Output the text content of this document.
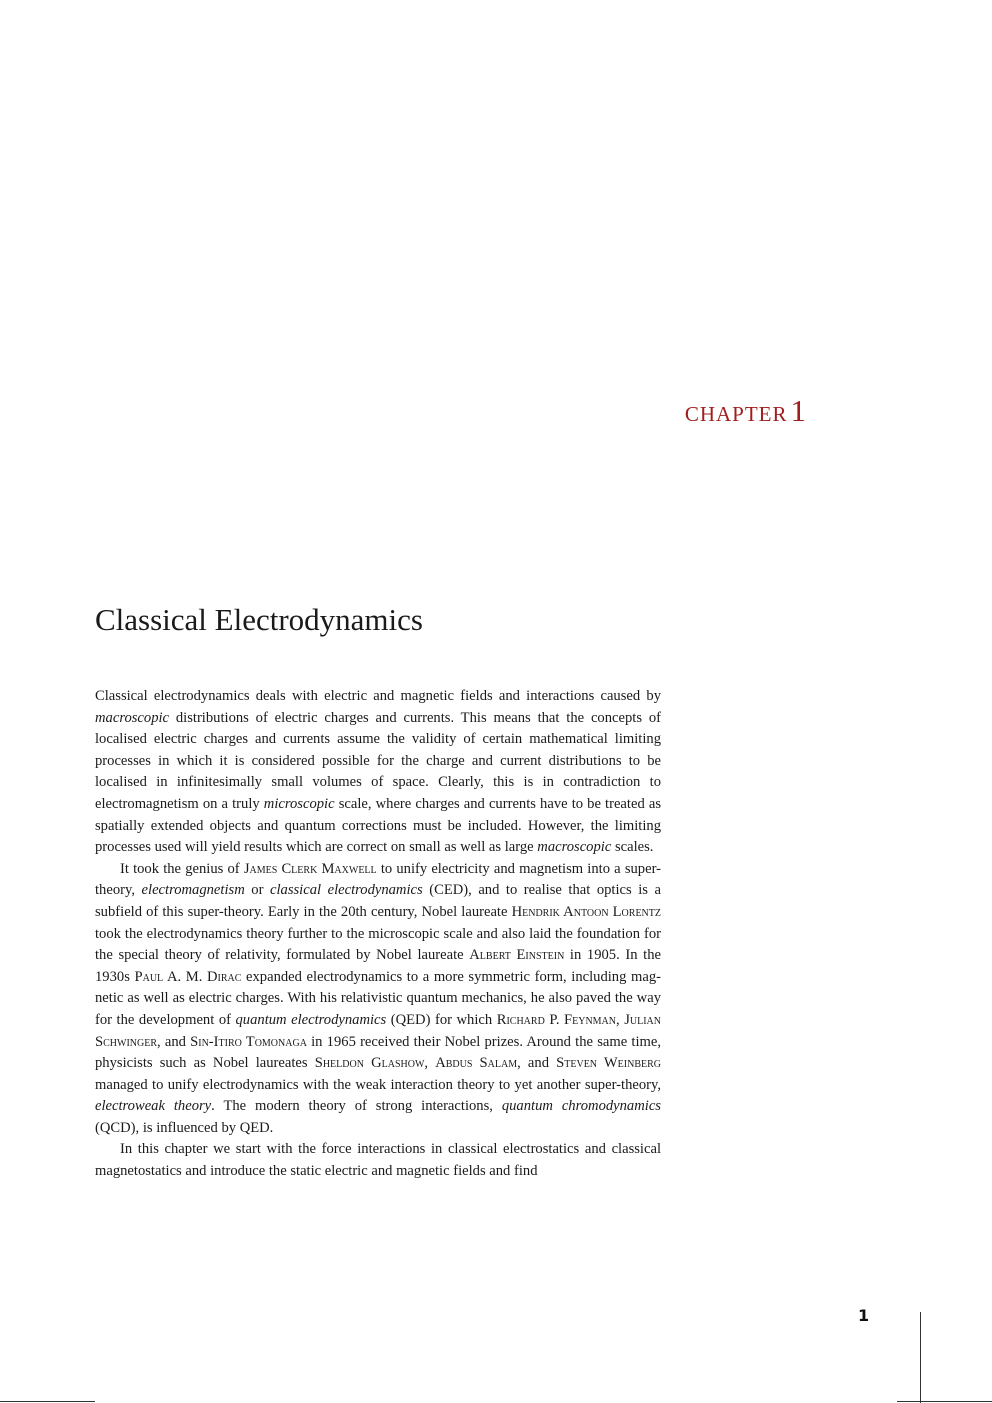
CHAPTER1
Classical Electrodynamics

Classical electrodynamics deals with electric and magnetic fields and interactions caused by macroscopic distributions of electric charges and currents. This means that the concepts of localised electric charges and currents assume the validity of certain mathematical limiting processes in which it is considered possible for the charge and current distributions to be localised in infinitesimally small volumes of space. Clearly, this is in contradiction to electromagnetism on a truly microscopic scale, where charges and currents have to be treated as spatially extended objects and quantum corrections must be included. However, the limiting processes used will yield results which are correct on small as well as large macroscopic scales.

It took the genius of James Clerk Maxwell to unify electricity and magnetism into a super-theory, electromagnetism or classical electrodynamics (CED), and to realise that optics is a subfield of this super-theory. Early in the 20th century, Nobel laureate Hendrik Antoon Lorentz took the electrodynamics theory further to the microscopic scale and also laid the foundation for the special theory of relativity, formulated by Nobel laureate Albert Einstein in 1905. In the 1930s Paul A. M. Dirac expanded electrodynamics to a more symmetric form, including magnetic as well as electric charges. With his relativistic quantum mechanics, he also paved the way for the development of quantum electrodynamics (QED) for which Richard P. Feynman, Julian Schwinger, and Sin-Itiro Tomonaga in 1965 received their Nobel prizes. Around the same time, physicists such as Nobel laureates Sheldon Glashow, Abdus Salam, and Steven Weinberg managed to unify electrodynamics with the weak interaction theory to yet another super-theory, electroweak theory. The modern theory of strong interactions, quantum chromodynamics (QCD), is influenced by QED.

In this chapter we start with the force interactions in classical electrostatics and classical magnetostatics and introduce the static electric and magnetic fields and find

1
